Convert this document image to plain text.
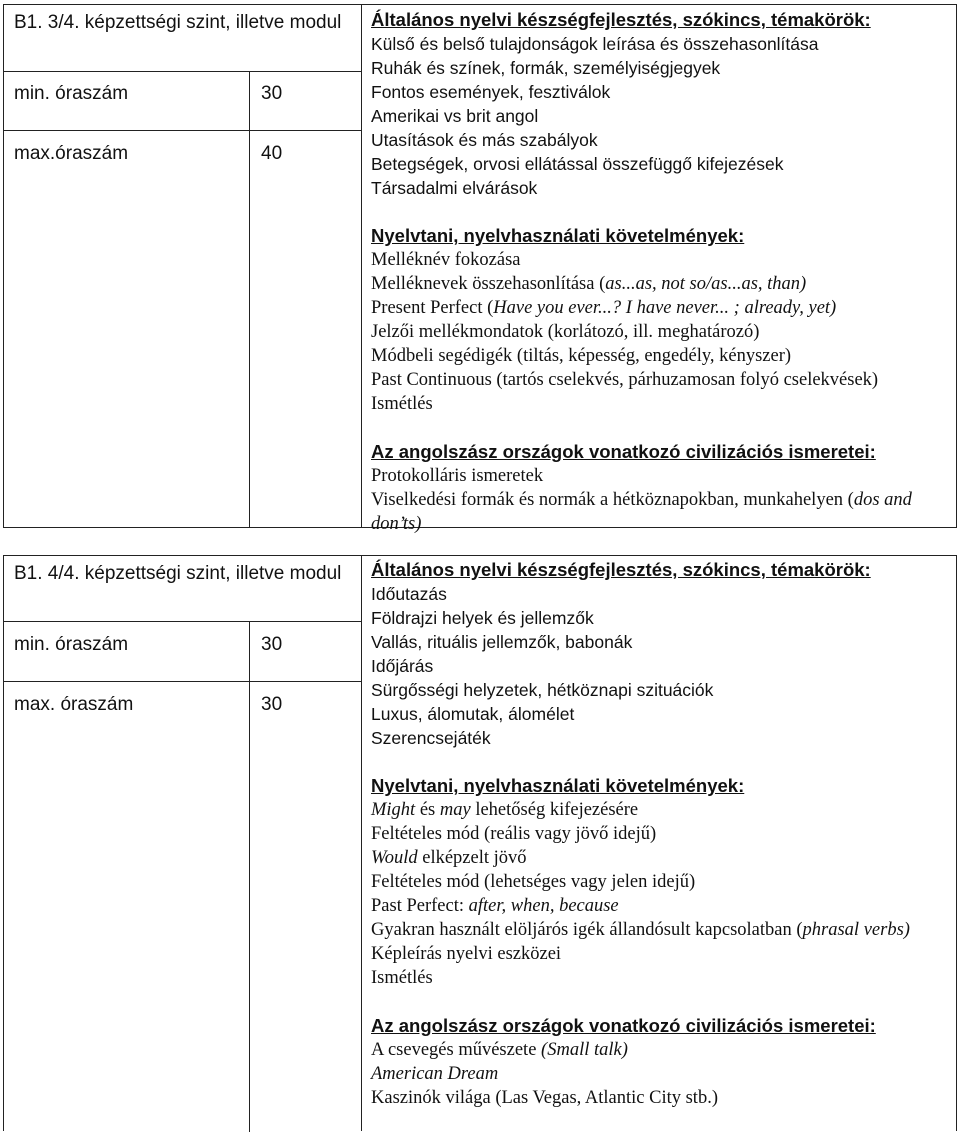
B1. 3/4. képzettségi szint, illetve modul
min. óraszám	30
max.óraszám	40
Általános nyelvi készségfejlesztés, szókincs, témakörök:
Külső és belső tulajdonságok leírása és összehasonlítása
Ruhák és színek, formák, személyiségjegyek
Fontos események, fesztiválok
Amerikai vs brit angol
Utasítások és más szabályok
Betegségek, orvosi ellátással összefüggő kifejezések
Társadalmi elvárások
Nyelvtani, nyelvhasználati követelmények:
Melléknév fokozása
Melléknevek összehasonlítása (as...as, not so/as...as, than)
Present Perfect (Have you ever...? I have never... ; already, yet)
Jelzői mellékmondatok (korlátozó, ill. meghatározó)
Módbeli segédigék (tiltás, képesség, engedély, kényszer)
Past Continuous (tartós cselekvés, párhuzamosan folyó cselekvések)
Ismétlés
Az angolszász országok vonatkozó civilizációs ismeretei:
Protokolláris ismeretek
Viselkedési formák és normák a hétköznapokban, munkahelyen (dos and don’ts)
B1. 4/4. képzettségi szint, illetve modul
min. óraszám	30
max. óraszám	30
Általános nyelvi készségfejlesztés, szókincs, témakörök:
Időutazás
Földrajzi helyek és jellemzők
Vallás, rituális jellemzők, babonák
Időjárás
Sürgősségi helyzetek, hétköznapi szituációk
Luxus, álomutak, álomélet
Szerencsejáték
Nyelvtani, nyelvhasználati követelmények:
Might és may lehetőség kifejezésére
Feltételes mód (reális vagy jövő idejű)
Would elképzelt jövő
Feltételes mód (lehetséges vagy jelen idejű)
Past Perfect: after, when, because
Gyakran használt elöljárós igék állandósult kapcsolatban (phrasal verbs)
Képleírás nyelvi eszközei
Ismétlés
Az angolszász országok vonatkozó civilizációs ismeretei:
A csevegés művészete (Small talk)
American Dream
Kaszinók világa (Las Vegas, Atlantic City stb.)
